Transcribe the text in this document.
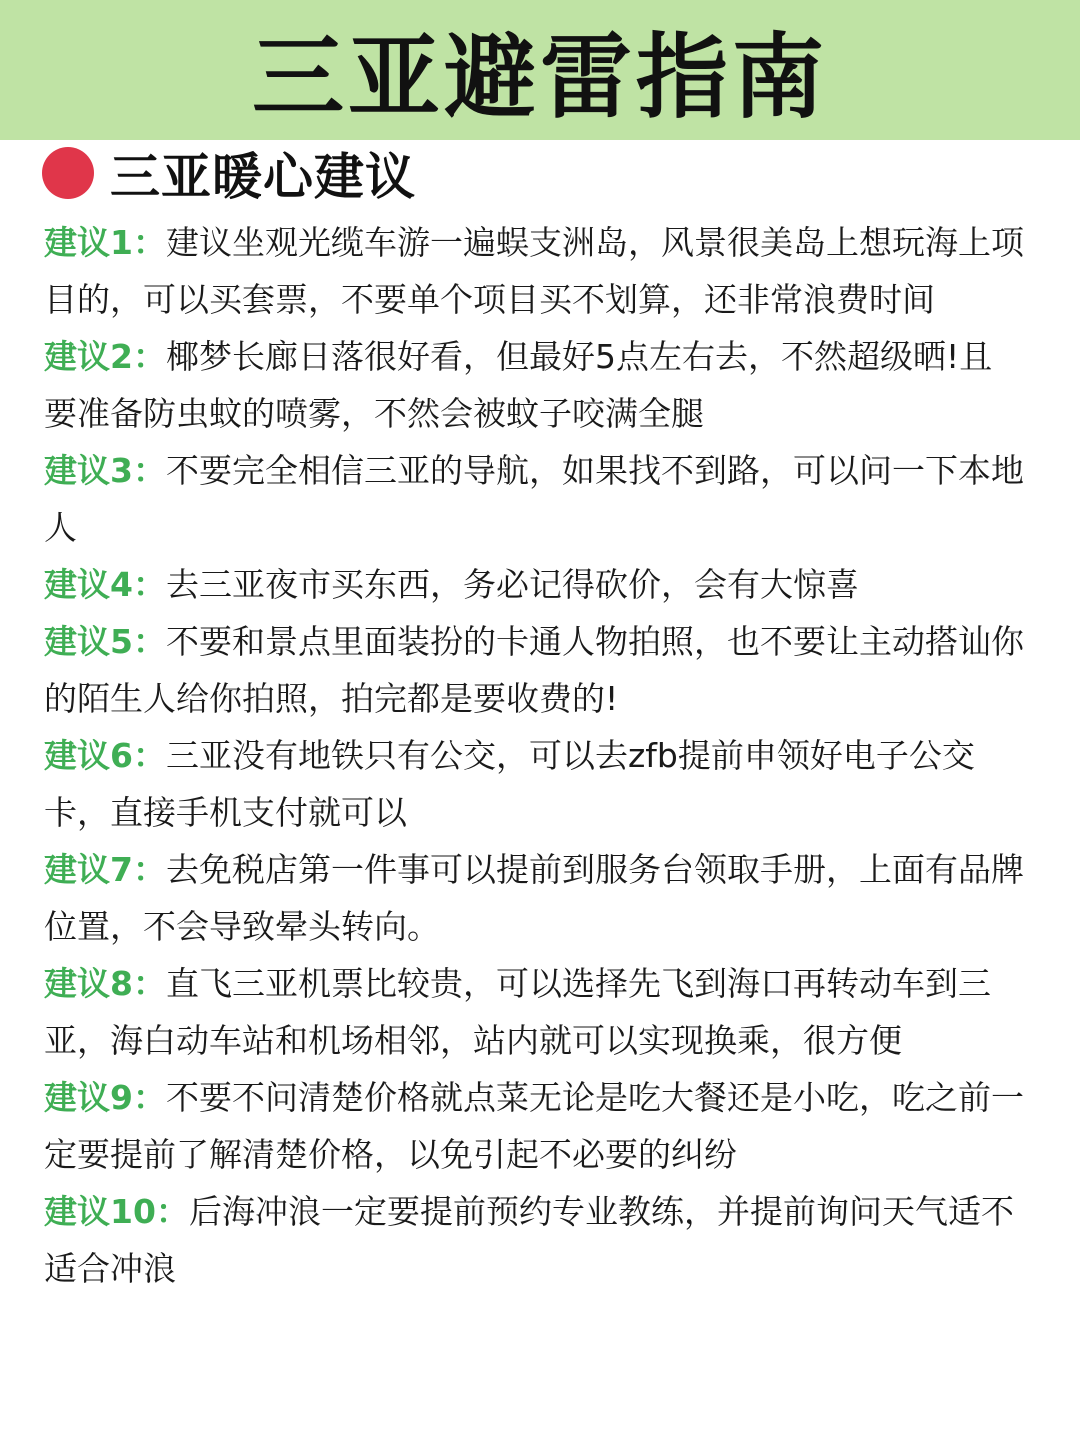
三亚避雷指南
三亚暖心建议

建议1：建议坐观光缆车游一遍蜈支洲岛，风景很美岛上想玩海上项目的，可以买套票，不要单个项目买不划算，还非常浪费时间

建议2：椰梦长廊日落很好看，但最好5点左右去，不然超级晒!且要准备防虫蚊的喷雾，不然会被蚊子咬满全腿

建议3：不要完全相信三亚的导航，如果找不到路，可以问一下本地人

建议4：去三亚夜市买东西，务必记得砍价，会有大惊喜

建议5：不要和景点里面装扮的卡通人物拍照，也不要让主动搭讪你的陌生人给你拍照，拍完都是要收费的!

建议6：三亚没有地铁只有公交，可以去zfb提前申领好电子公交卡，直接手机支付就可以

建议7：去免税店第一件事可以提前到服务台领取手册，上面有品牌位置，不会导致晕头转向。

建议8：直飞三亚机票比较贵，可以选择先飞到海口再转动车到三亚，海白动车站和机场相邻，站内就可以实现换乘，很方便

建议9：不要不问清楚价格就点菜无论是吃大餐还是小吃，吃之前一定要提前了解清楚价格，以免引起不必要的纠纷

建议10：后海冲浪一定要提前预约专业教练，并提前询问天气适不适合冲浪
